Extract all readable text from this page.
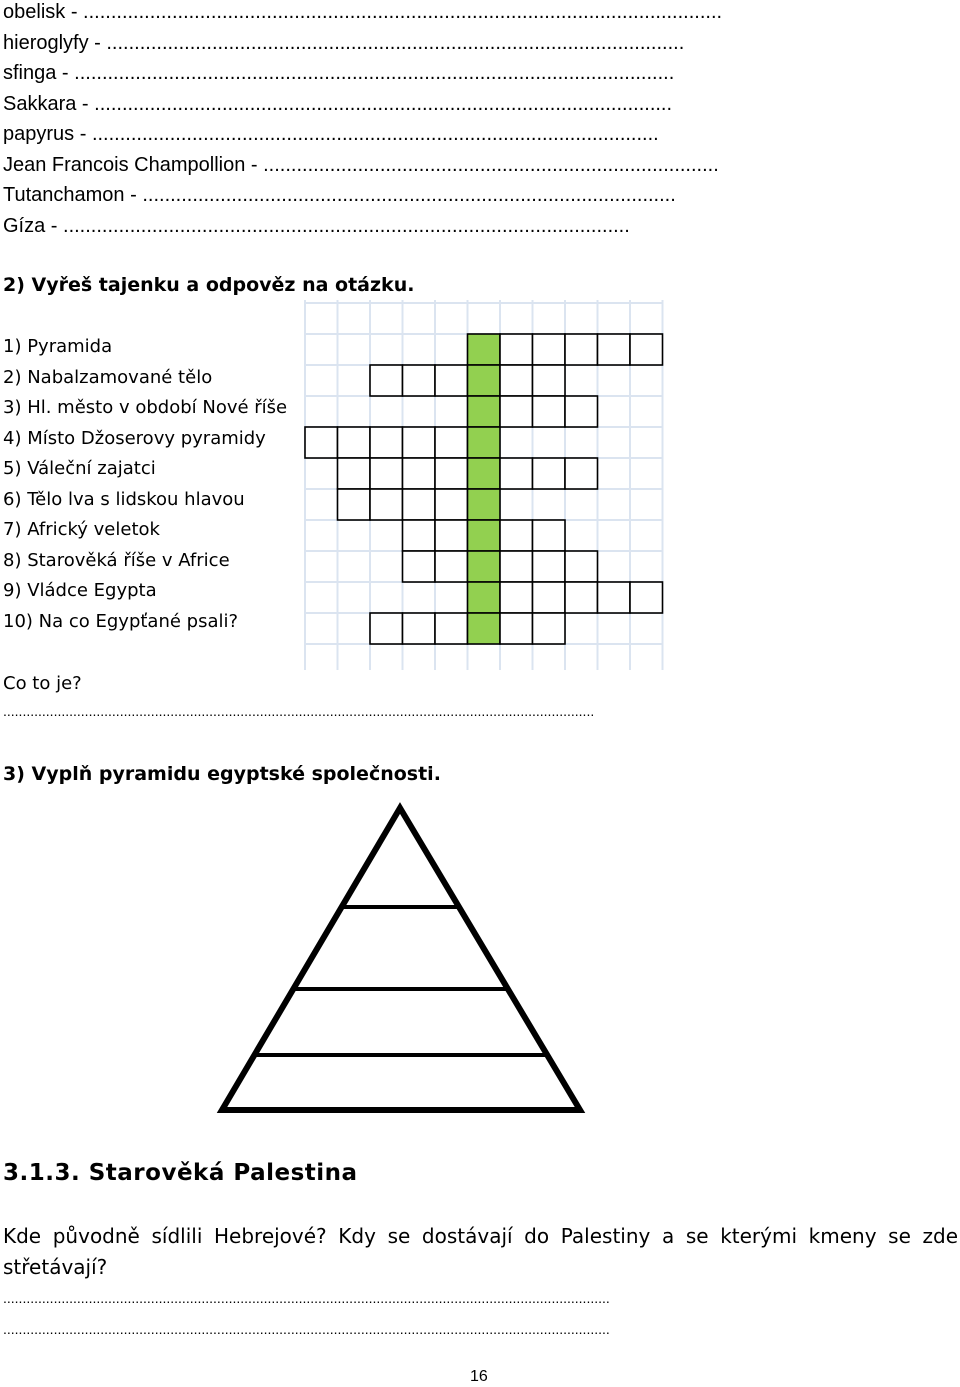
obelisk - ...................................................................................................................
hieroglyfy - ........................................................................................................
sfinga - ............................................................................................................
Sakkara - ........................................................................................................
papyrus - ......................................................................................................
Jean Francois Champollion - ..................................................................................
Tutanchamon - ................................................................................................
Gíza - ......................................................................................................
2) Vyřeš tajenku a odpověz na otázku.
1) Pyramida
2) Nabalzamované tělo
3) Hl. město v období Nové říše
4) Místo Džoserovy pyramidy
5) Váleční zajatci
6) Tělo lva s lidskou hlavou
7) Africký veletok
8) Starověká říše v Africe
9) Vládce Egypta
10) Na co Egypťané psali?
Co to je?
........................................................................................................................................................
3) Vyplň pyramidu egyptské společnosti.
3.1.3. Starověká Palestina
Kde původně sídlili Hebrejové? Kdy se dostávají do Palestiny a se kterými kmeny se zde
střetávají?
............................................................................................................................................................
............................................................................................................................................................
16
